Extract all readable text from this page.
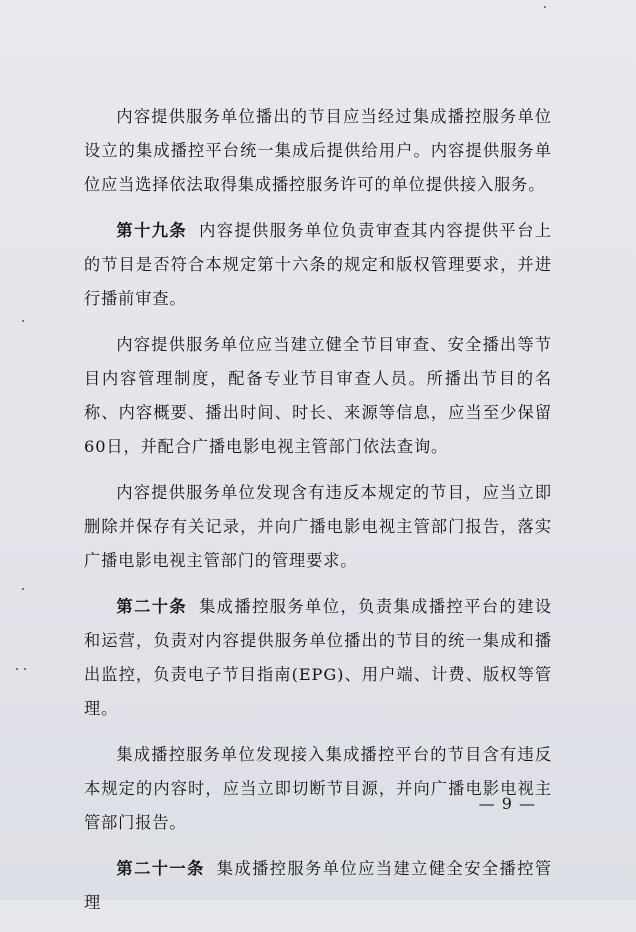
内容提供服务单位播出的节目应当经过集成播控服务单位设立的集成播控平台统一集成后提供给用户。内容提供服务单位应当选择依法取得集成播控服务许可的单位提供接入服务。

第十九条 内容提供服务单位负责审查其内容提供平台上的节目是否符合本规定第十六条的规定和版权管理要求，并进行播前审查。

内容提供服务单位应当建立健全节目审查、安全播出等节目内容管理制度，配备专业节目审查人员。所播出节目的名称、内容概要、播出时间、时长、来源等信息，应当至少保留60日，并配合广播电影电视主管部门依法查询。

内容提供服务单位发现含有违反本规定的节目，应当立即删除并保存有关记录，并向广播电影电视主管部门报告，落实广播电影电视主管部门的管理要求。

第二十条 集成播控服务单位，负责集成播控平台的建设和运营，负责对内容提供服务单位播出的节目的统一集成和播出监控，负责电子节目指南(EPG)、用户端、计费、版权等管理。

集成播控服务单位发现接入集成播控平台的节目含有违反本规定的内容时，应当立即切断节目源，并向广播电影电视主管部门报告。

第二十一条 集成播控服务单位应当建立健全安全播控管理

— 9 —
